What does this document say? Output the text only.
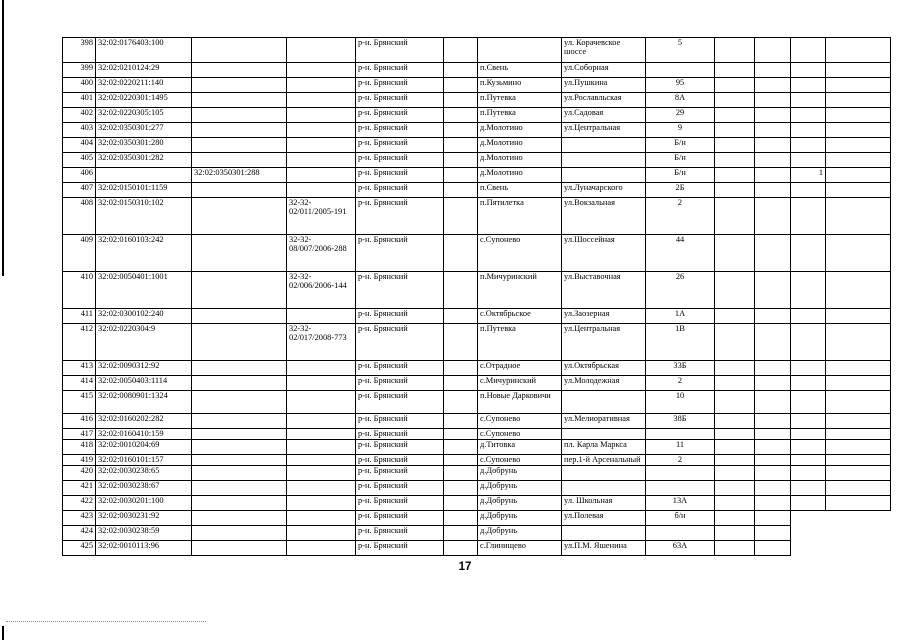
398	32:02:0176403:100			р-н. Брянский			ул. Корачевское шоссе	5				
399	32:02:0210124:29			р-н. Брянский		п.Свень	ул.Соборная					
400	32:02:0220211:140			р-н. Брянский		п.Кузьмино	ул.Пушкина	95				
401	32:02:0220301:1495			р-н. Брянский		п.Путевка	ул.Рославльская	8А				
402	32:02:0220305:105			р-н. Брянский		п.Путевка	ул.Садовая	29				
403	32:02:0350301:277			р-н. Брянский		д.Молотино	ул.Центральная	9				
404	32:02:0350301:280			р-н. Брянский		д.Молотино		Б/н				
405	32:02:0350301:282			р-н. Брянский		д.Молотино		Б/н				
406		32:02:0350301:288		р-н. Брянский		д.Молотино		Б/н			1	
407	32:02:0150101:1159			р-н. Брянский		п.Свень	ул.Луначарского	2Б				
408	32:02:0150310:102		32-32-02/011/2005-191	р-н. Брянский		п.Пятилетка	ул.Вокзальная	2				
409	32:02:0160103:242		32-32-08/007/2006-288	р-н. Брянский		с.Супонево	ул.Шоссейная	44				
410	32:02:0050401:1001		32-32-02/006/2006-144	р-н. Брянский		п.Мичуринский	ул.Выставочная	26				
411	32:02:0300102:240			р-н. Брянский		с.Октябрьское	ул.Заозерная	1А				
412	32:02:0220304:9		32-32-02/017/2008-773	р-н. Брянский		п.Путевка	ул.Центральная	1В				
413	32:02:0090312:92			р-н. Брянский		с.Отрадное	ул.Октябрьская	33Б				
414	32:02:0050403:1114			р-н. Брянский		с.Мичуринский	ул.Молодежная	2				
415	32:02:0080901:1324			р-н. Брянский		п.Новые Дарковичи		10				
416	32:02:0160202:282			р-н. Брянский		с.Супонево	ул.Мелиоративная	38Б				
417	32:02:0160410:159			р-н. Брянский		с.Супонево						
418	32:02:0010204:69			р-н. Брянский		д.Титовка	пл. Карла Маркса	11				
419	32:02:0160101:157			р-н. Брянский		с.Супонево	пер.1-й Арсенальный	2				
420	32:02:0030238:65			р-н. Брянский		д.Добрунь						
421	32:02:0030238:67			р-н. Брянский		д.Добрунь						
422	32:02:0030201:100			р-н. Брянский		д.Добрунь	ул. Школьная	13А				
423	32:02:0030231:92			р-н. Брянский		д.Добрунь	ул.Полевая	б/н				
424	32:02:0030238:59			р-н. Брянский		д.Добрунь						
425	32:02:0010113:96			р-н. Брянский		с.Глинищево	ул.П.М. Яшенина	63А				
17
